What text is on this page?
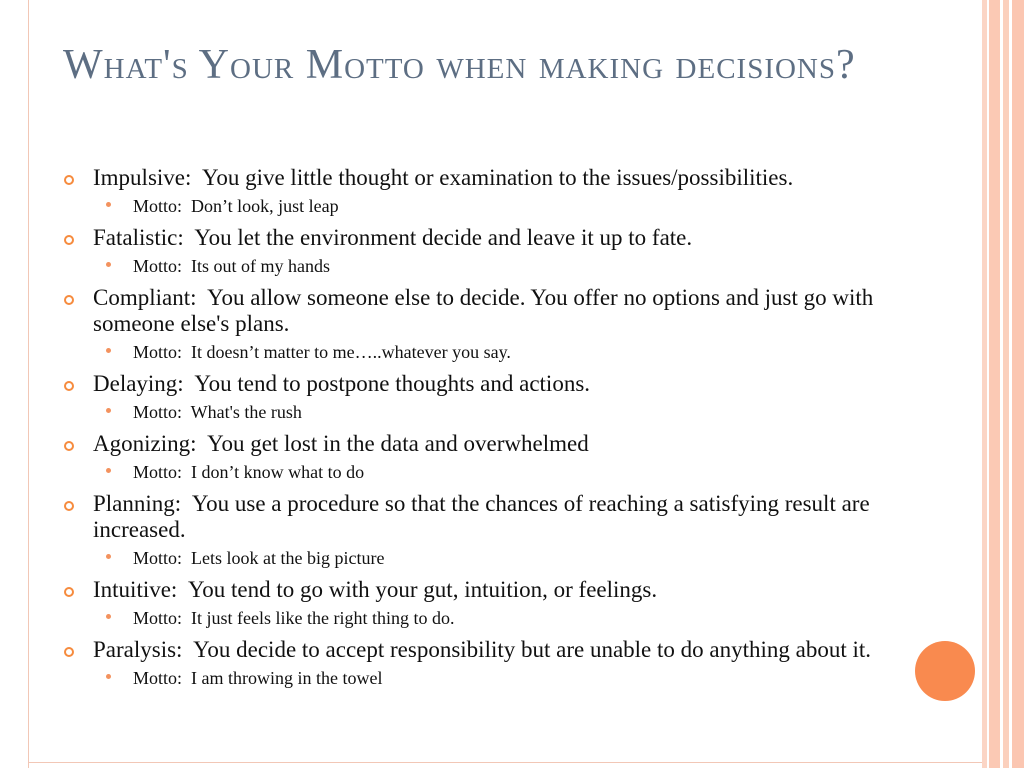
What's Your Motto when making decisions?
Impulsive:  You give little thought or examination to the issues/possibilities.
Motto:  Don’t look, just leap
Fatalistic:  You let the environment decide and leave it up to fate.
Motto:  Its out of my hands
Compliant:  You allow someone else to decide. You offer no options and just go with someone else's plans.
Motto:  It doesn’t matter to me…..whatever you say.
Delaying:  You tend to postpone thoughts and actions.
Motto:  What's the rush
Agonizing:  You get lost in the data and overwhelmed
Motto:  I don’t know what to do
Planning:  You use a procedure so that the chances of reaching a satisfying result are increased.
Motto:  Lets look at the big picture
Intuitive:  You tend to go with your gut, intuition, or feelings.
Motto:  It just feels like the right thing to do.
Paralysis:  You decide to accept responsibility but are unable to do anything about it.
Motto:  I am throwing in the towel
